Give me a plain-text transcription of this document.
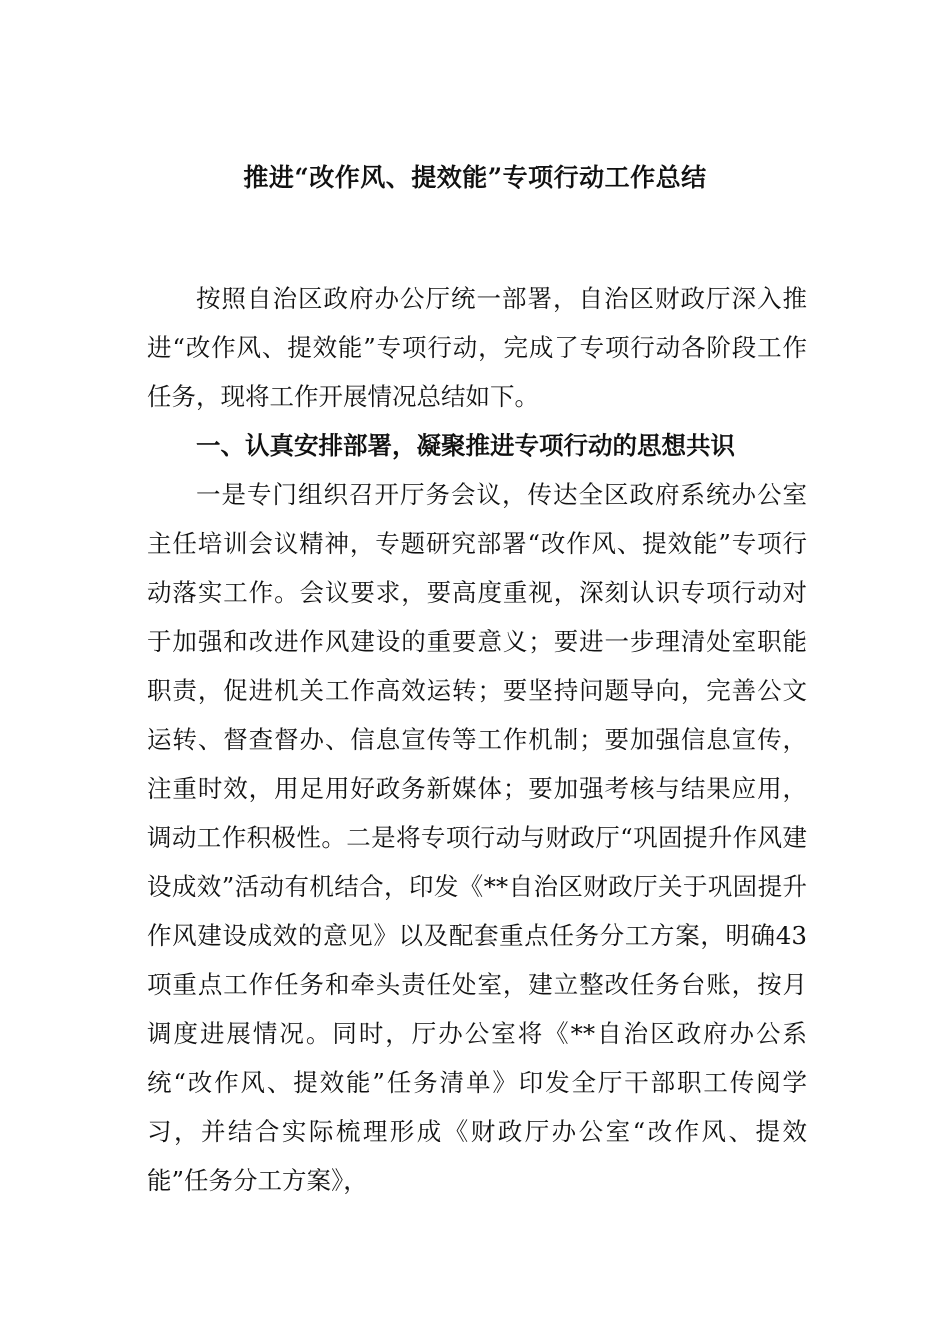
推进“改作风、提效能”专项行动工作总结

按照自治区政府办公厅统一部署，自治区财政厅深入推进“改作风、提效能”专项行动，完成了专项行动各阶段工作任务，现将工作开展情况总结如下。

一、认真安排部署，凝聚推进专项行动的思想共识

一是专门组织召开厅务会议，传达全区政府系统办公室主任培训会议精神，专题研究部署“改作风、提效能”专项行动落实工作。会议要求，要高度重视，深刻认识专项行动对于加强和改进作风建设的重要意义；要进一步理清处室职能职责，促进机关工作高效运转；要坚持问题导向，完善公文运转、督查督办、信息宣传等工作机制；要加强信息宣传，注重时效，用足用好政务新媒体；要加强考核与结果应用，调动工作积极性。二是将专项行动与财政厅“巩固提升作风建设成效”活动有机结合，印发《**自治区财政厅关于巩固提升作风建设成效的意见》以及配套重点任务分工方案，明确43项重点工作任务和牵头责任处室，建立整改任务台账，按月调度进展情况。同时，厅办公室将《**自治区政府办公系统“改作风、提效能”任务清单》印发全厅干部职工传阅学习，并结合实际梳理形成《财政厅办公室“改作风、提效能”任务分工方案》，
